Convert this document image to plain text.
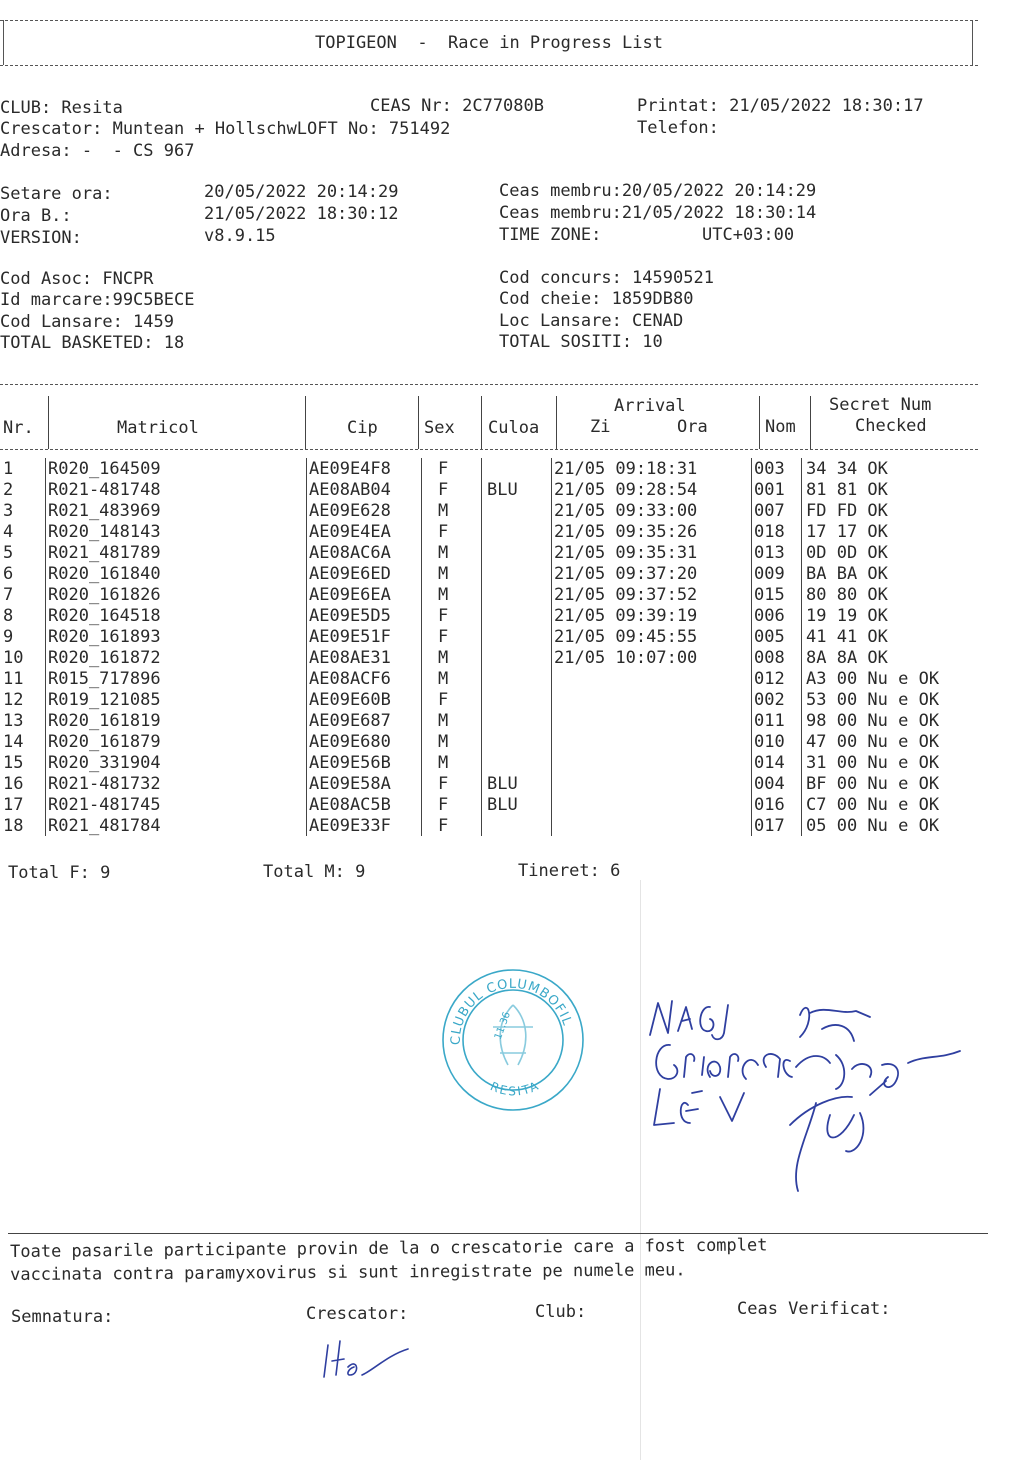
TOPIGEON  -  Race in Progress List
CLUB: Resita	CEAS Nr: 2C77080B	Printat: 21/05/2022 18:30:17
Crescator: Muntean + HollschwLOFT No: 751492	Telefon:
Adresa: -  - CS 967
Setare ora:	20/05/2022 20:14:29
Ora B.:	21/05/2022 18:30:12
VERSION:	v8.9.15
Ceas membru:20/05/2022 20:14:29
Ceas membru:21/05/2022 18:30:14
TIME ZONE:	UTC+03:00
Cod Asoc: FNCPR
Id marcare:99C5BECE
Cod Lansare: 1459
TOTAL BASKETED: 18
Cod concurs: 14590521
Cod cheie: 1859DB80
Loc Lansare: CENAD
TOTAL SOSITI: 10
Nr.	Matricol	Cip	Sex Culoa
Arrival
Zi	Ora	Nom
Secret Num
Checked
1	R020_164509	AE09E4F8	F		21/05 09:18:31	003	34 34 OK
2	R021-481748	AE08AB04	F	BLU	21/05 09:28:54	001	81 81 OK
3	R021_483969	AE09E628	M		21/05 09:33:00	007	FD FD OK
4	R020_148143	AE09E4EA	F		21/05 09:35:26	018	17 17 OK
5	R021_481789	AE08AC6A	M		21/05 09:35:31	013	0D 0D OK
6	R020_161840	AE09E6ED	M		21/05 09:37:20	009	BA BA OK
7	R020_161826	AE09E6EA	M		21/05 09:37:52	015	80 80 OK
8	R020_164518	AE09E5D5	F		21/05 09:39:19	006	19 19 OK
9	R020_161893	AE09E51F	F		21/05 09:45:55	005	41 41 OK
10	R020_161872	AE08AE31	M		21/05 10:07:00	008	8A 8A OK
11	R015_717896	AE08ACF6	M			012	A3 00 Nu e OK
12	R019_121085	AE09E60B	F			002	53 00 Nu e OK
13	R020_161819	AE09E687	M			011	98 00 Nu e OK
14	R020_161879	AE09E680	M			010	47 00 Nu e OK
15	R020_331904	AE09E56B	M			014	31 00 Nu e OK
16	R021-481732	AE09E58A	F	BLU		004	BF 00 Nu e OK
17	R021-481745	AE08AC5B	F	BLU		016	C7 00 Nu e OK
18	R021_481784	AE09E33F	F			017	05 00 Nu e OK
Total F: 9	Total M: 9	Tineret: 6
CLUBUL COLUMBOFIL
RESITA
11.36
Toate pasarile participante provin de la o crescatorie care a fost complet
vaccinata contra paramyxovirus si sunt inregistrate pe numele meu.
Semnatura:	Crescator:	Club:	Ceas Verificat:
